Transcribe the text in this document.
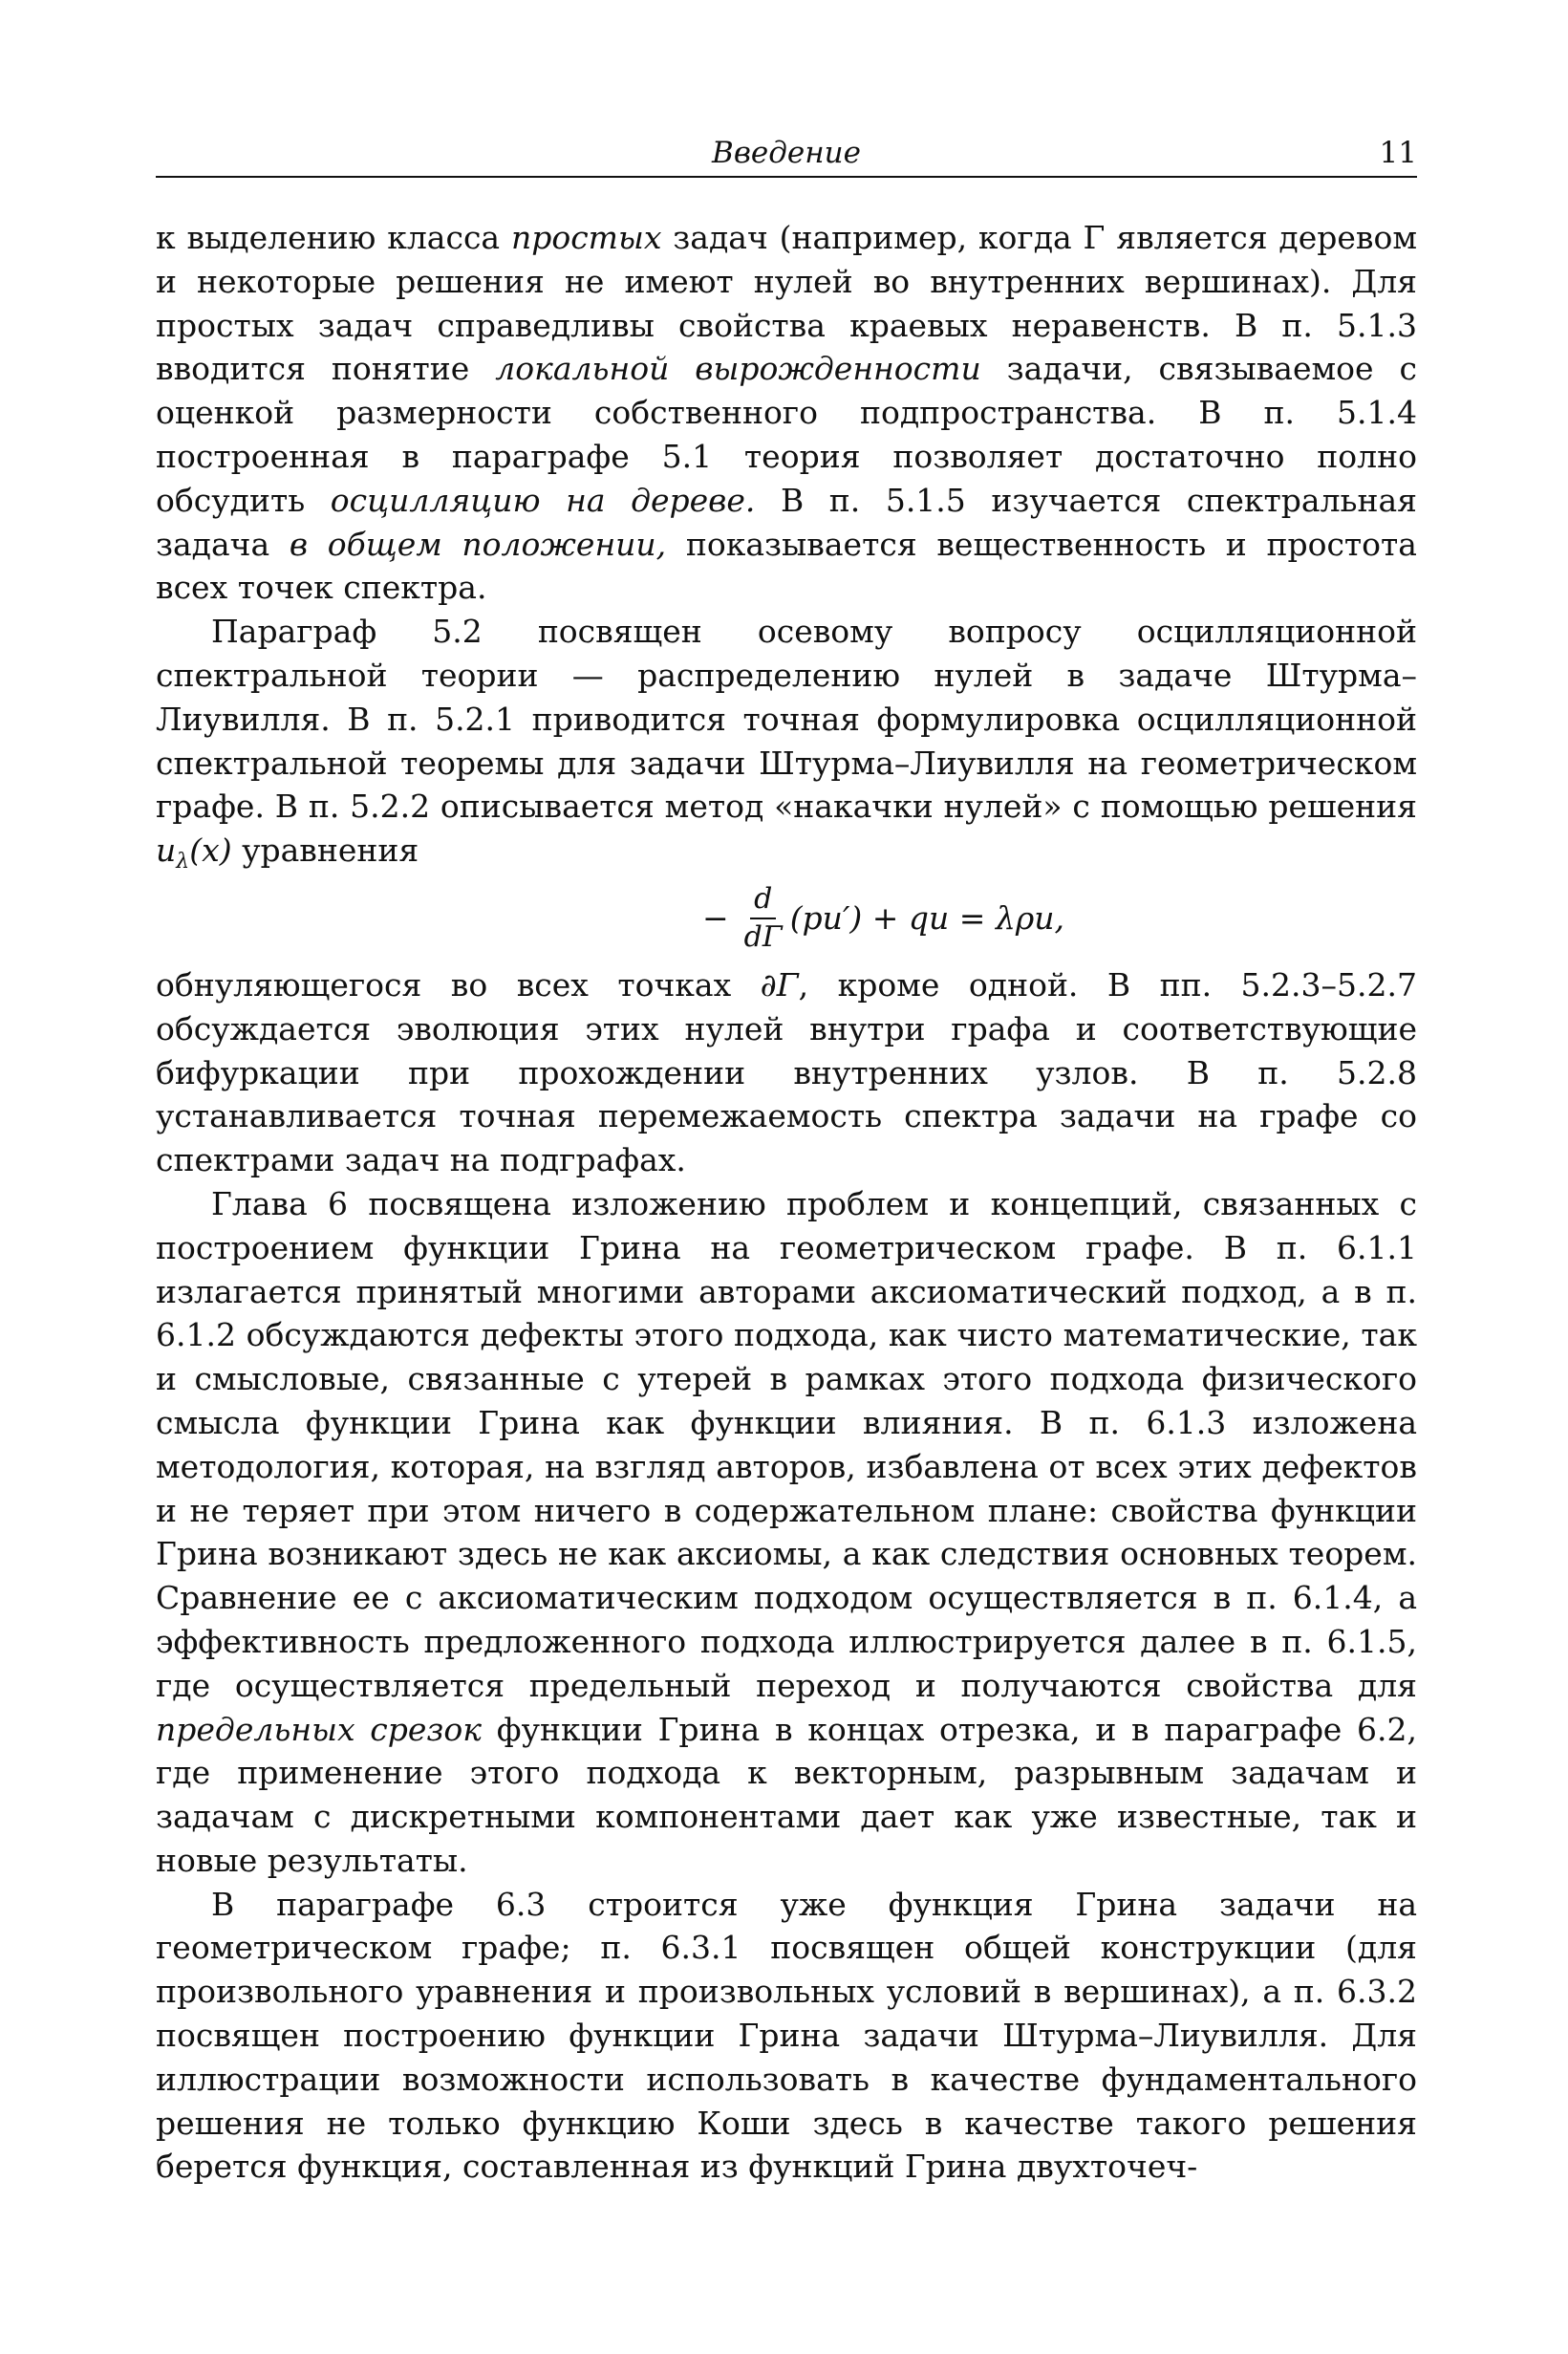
Введение	11

к выделению класса простых задач (например, когда Γ является деревом и некоторые решения не имеют нулей во внутренних вершинах). Для простых задач справедливы свойства краевых неравенств. В п. 5.1.3 вводится понятие локальной вырожденности задачи, связываемое с оценкой размерности собственного подпространства. В п. 5.1.4 построенная в параграфе 5.1 теория позволяет достаточно полно обсудить осцилляцию на дереве. В п. 5.1.5 изучается спектральная задача в общем положении, показывается вещественность и простота всех точек спектра.

Параграф 5.2 посвящен осевому вопросу осцилляционной спектральной теории — распределению нулей в задаче Штурма–Лиувилля. В п. 5.2.1 приводится точная формулировка осцилляционной спектральной теоремы для задачи Штурма–Лиувилля на геометрическом графе. В п. 5.2.2 описывается метод «накачки нулей» с помощью решения $u_\lambda(x)$ уравнения

− $\frac{d}{d\Gamma} (pu')$ + qu = λρu,

обнуляющегося во всех точках ∂Γ, кроме одной. В пп. 5.2.3–5.2.7 обсуждается эволюция этих нулей внутри графа и соответствующие бифуркации при прохождении внутренних узлов. В п. 5.2.8 устанавливается точная перемежаемость спектра задачи на графе со спектрами задач на подграфах.

Глава 6 посвящена изложению проблем и концепций, связанных с построением функции Грина на геометрическом графе. В п. 6.1.1 излагается принятый многими авторами аксиоматический подход, а в п. 6.1.2 обсуждаются дефекты этого подхода, как чисто математические, так и смысловые, связанные с утерей в рамках этого подхода физического смысла функции Грина как функции влияния. В п. 6.1.3 изложена методология, которая, на взгляд авторов, избавлена от всех этих дефектов и не теряет при этом ничего в содержательном плане: свойства функции Грина возникают здесь не как аксиомы, а как следствия основных теорем. Сравнение ее с аксиоматическим подходом осуществляется в п. 6.1.4, а эффективность предложенного подхода иллюстрируется далее в п. 6.1.5, где осуществляется предельный переход и получаются свойства для предельных срезок функции Грина в концах отрезка, и в параграфе 6.2, где применение этого подхода к векторным, разрывным задачам и задачам с дискретными компонентами дает как уже известные, так и новые результаты.

В параграфе 6.3 строится уже функция Грина задачи на геометрическом графе; п. 6.3.1 посвящен общей конструкции (для произвольного уравнения и произвольных условий в вершинах), а п. 6.3.2 посвящен построению функции Грина задачи Штурма–Лиувилля. Для иллюстрации возможности использовать в качестве фундаментального решения не только функцию Коши здесь в качестве такого решения берется функция, составленная из функций Грина двухточеч-
